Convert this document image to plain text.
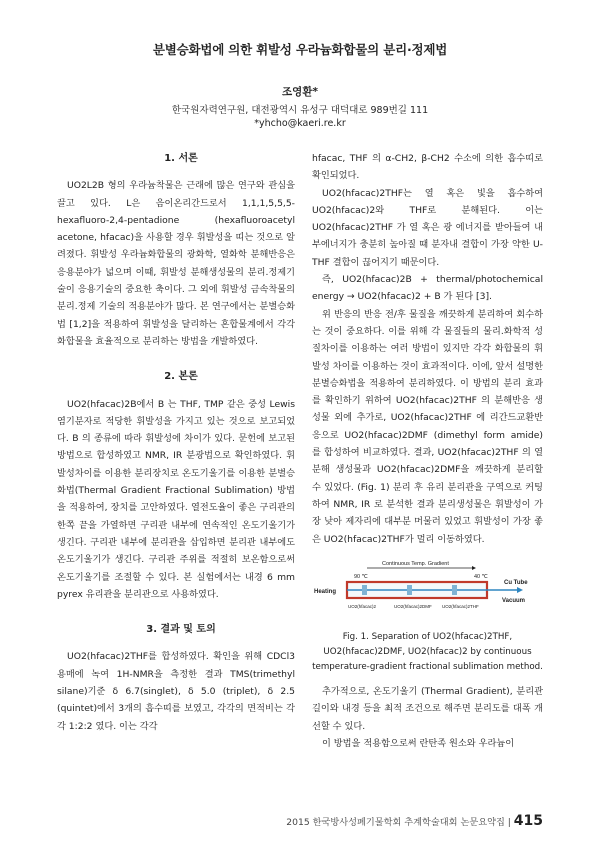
분별승화법에 의한 휘발성 우라늄화합물의 분리·정제법
조영환*
한국원자력연구원, 대전광역시 유성구 대덕대로 989번길 111
*yhcho@kaeri.re.kr

1. 서론

UO2L2B 형의 우라늄착물은 근래에 많은 연구와 관심을 끌고 있다. L은 음이온리간드로서 1,1,1,5,5,5-hexafluoro-2,4-pentadione (hexafluoroacetyl acetone, hfacac)을 사용할 경우 휘발성을 띠는 것으로 알려졌다. 휘발성 우라늄화합물의 광화학, 열화학 분해반응은 응용분야가 넓으며 이때, 휘발성 분해생성물의 분리.정제기술이 응용기술의 중요한 축이다. 그 외에 휘발성 금속착물의 분리.정제 기술의 적용분야가 많다. 본 연구에서는 분별승화법 [1,2]을 적용하여 휘발성을 달리하는 혼합물계에서 각각 화합물을 효율적으로 분리하는 방법을 개발하였다.

2. 본론

UO2(hfacac)2B에서 B 는 THF, TMP 같은 중성 Lewis 염기분자로 적당한 휘발성을 가지고 있는 것으로 보고되었다. B 의 종류에 따라 휘발성에 차이가 있다. 문헌에 보고된 방법으로 합성하였고 NMR, IR 분광법으로 확인하였다. 휘발성차이를 이용한 분리장치로 온도기울기를 이용한 분별승화법(Thermal Gradient Fractional Sublimation) 방법을 적용하여, 장치를 고안하였다. 열전도율이 좋은 구리관의 한쪽 끝을 가열하면 구리관 내부에 연속적인 온도기울기가 생긴다. 구리관 내부에 분리관을 삽입하면 분리관 내부에도 온도기울기가 생긴다. 구리관 주위를 적절히 보온함으로써 온도기울기를 조절할 수 있다. 본 실험에서는 내경 6 mm pyrex 유리관을 분리관으로 사용하였다.

3. 결과 및 토의

UO2(hfacac)2THF를 합성하였다. 확인을 위해 CDCl3 용매에 녹여 1H-NMR을 측정한 결과 TMS(trimethyl silane)기준 δ 6.7(singlet), δ 5.0 (triplet), δ 2.5 (quintet)에서 3개의 흡수띠를 보였고, 각각의 면적비는 각각 1:2:2 였다. 이는 각각

hfacac, THF 의 α-CH2, β-CH2 수소에 의한 흡수띠로 확인되었다.

UO2(hfacac)2THF는 열 혹은 빛을 흡수하여 UO2(hfacac)2와 THF로 분해된다. 이는 UO2(hfacac)2THF 가 열 혹은 광 에너지를 받아들여 내부에너지가 충분히 높아질 때 분자내 결합이 가장 약한 U-THF 결합이 끊어지기 때문이다.

즉, UO2(hfacac)2B + thermal/photochemical energy → UO2(hfacac)2 + B 가 된다 [3].

위 반응의 반응 전/후 물질을 깨끗하게 분리하여 회수하는 것이 중요하다. 이를 위해 각 물질들의 물리.화학적 성질차이를 이용하는 여러 방법이 있지만 각각 화합물의 휘발성 차이를 이용하는 것이 효과적이다. 이에, 앞서 설명한 분별승화법을 적용하여 분리하였다. 이 방법의 분리 효과를 확인하기 위하여 UO2(hfacac)2THF 의 분해반응 생성물 외에 추가로, UO2(hfacac)2THF 에 리간드교환반응으로 UO2(hfacac)2DMF (dimethyl form amide) 를 합성하여 비교하였다. 결과, UO2(hfacac)2THF 의 열분해 생성물과 UO2(hfacac)2DMF을 깨끗하게 분리할 수 있었다. (Fig. 1) 분리 후 유리 분리관을 구역으로 커팅하여 NMR, IR 로 분석한 결과 분리생성물은 휘발성이 가장 낮아 제자리에 대부분 머물러 있었고 휘발성이 가장 좋은 UO2(hfacac)2THF가 멀리 이동하였다.

Continuous Temp. Gradient
90 ℃	40 ℃
Cu Tube
Vacuum
Heating
UO2(hfacac)2	UO2(hfacac)2DMF UO2(hfacac)2THF
Fig. 1. Separation of UO2(hfacac)2THF, UO2(hfacac)2DMF, UO2(hfacac)2 by continuous temperature-gradient fractional sublimation method.

추가적으로, 온도기울기 (Thermal Gradient), 분리관 길이와 내경 등을 최적 조건으로 해주면 분리도를 대폭 개선할 수 있다.

이 방법을 적용함으로써 란탄족 원소와 우라늄이

2015 한국방사성폐기물학회 추계학술대회 논문요약집 | 415
